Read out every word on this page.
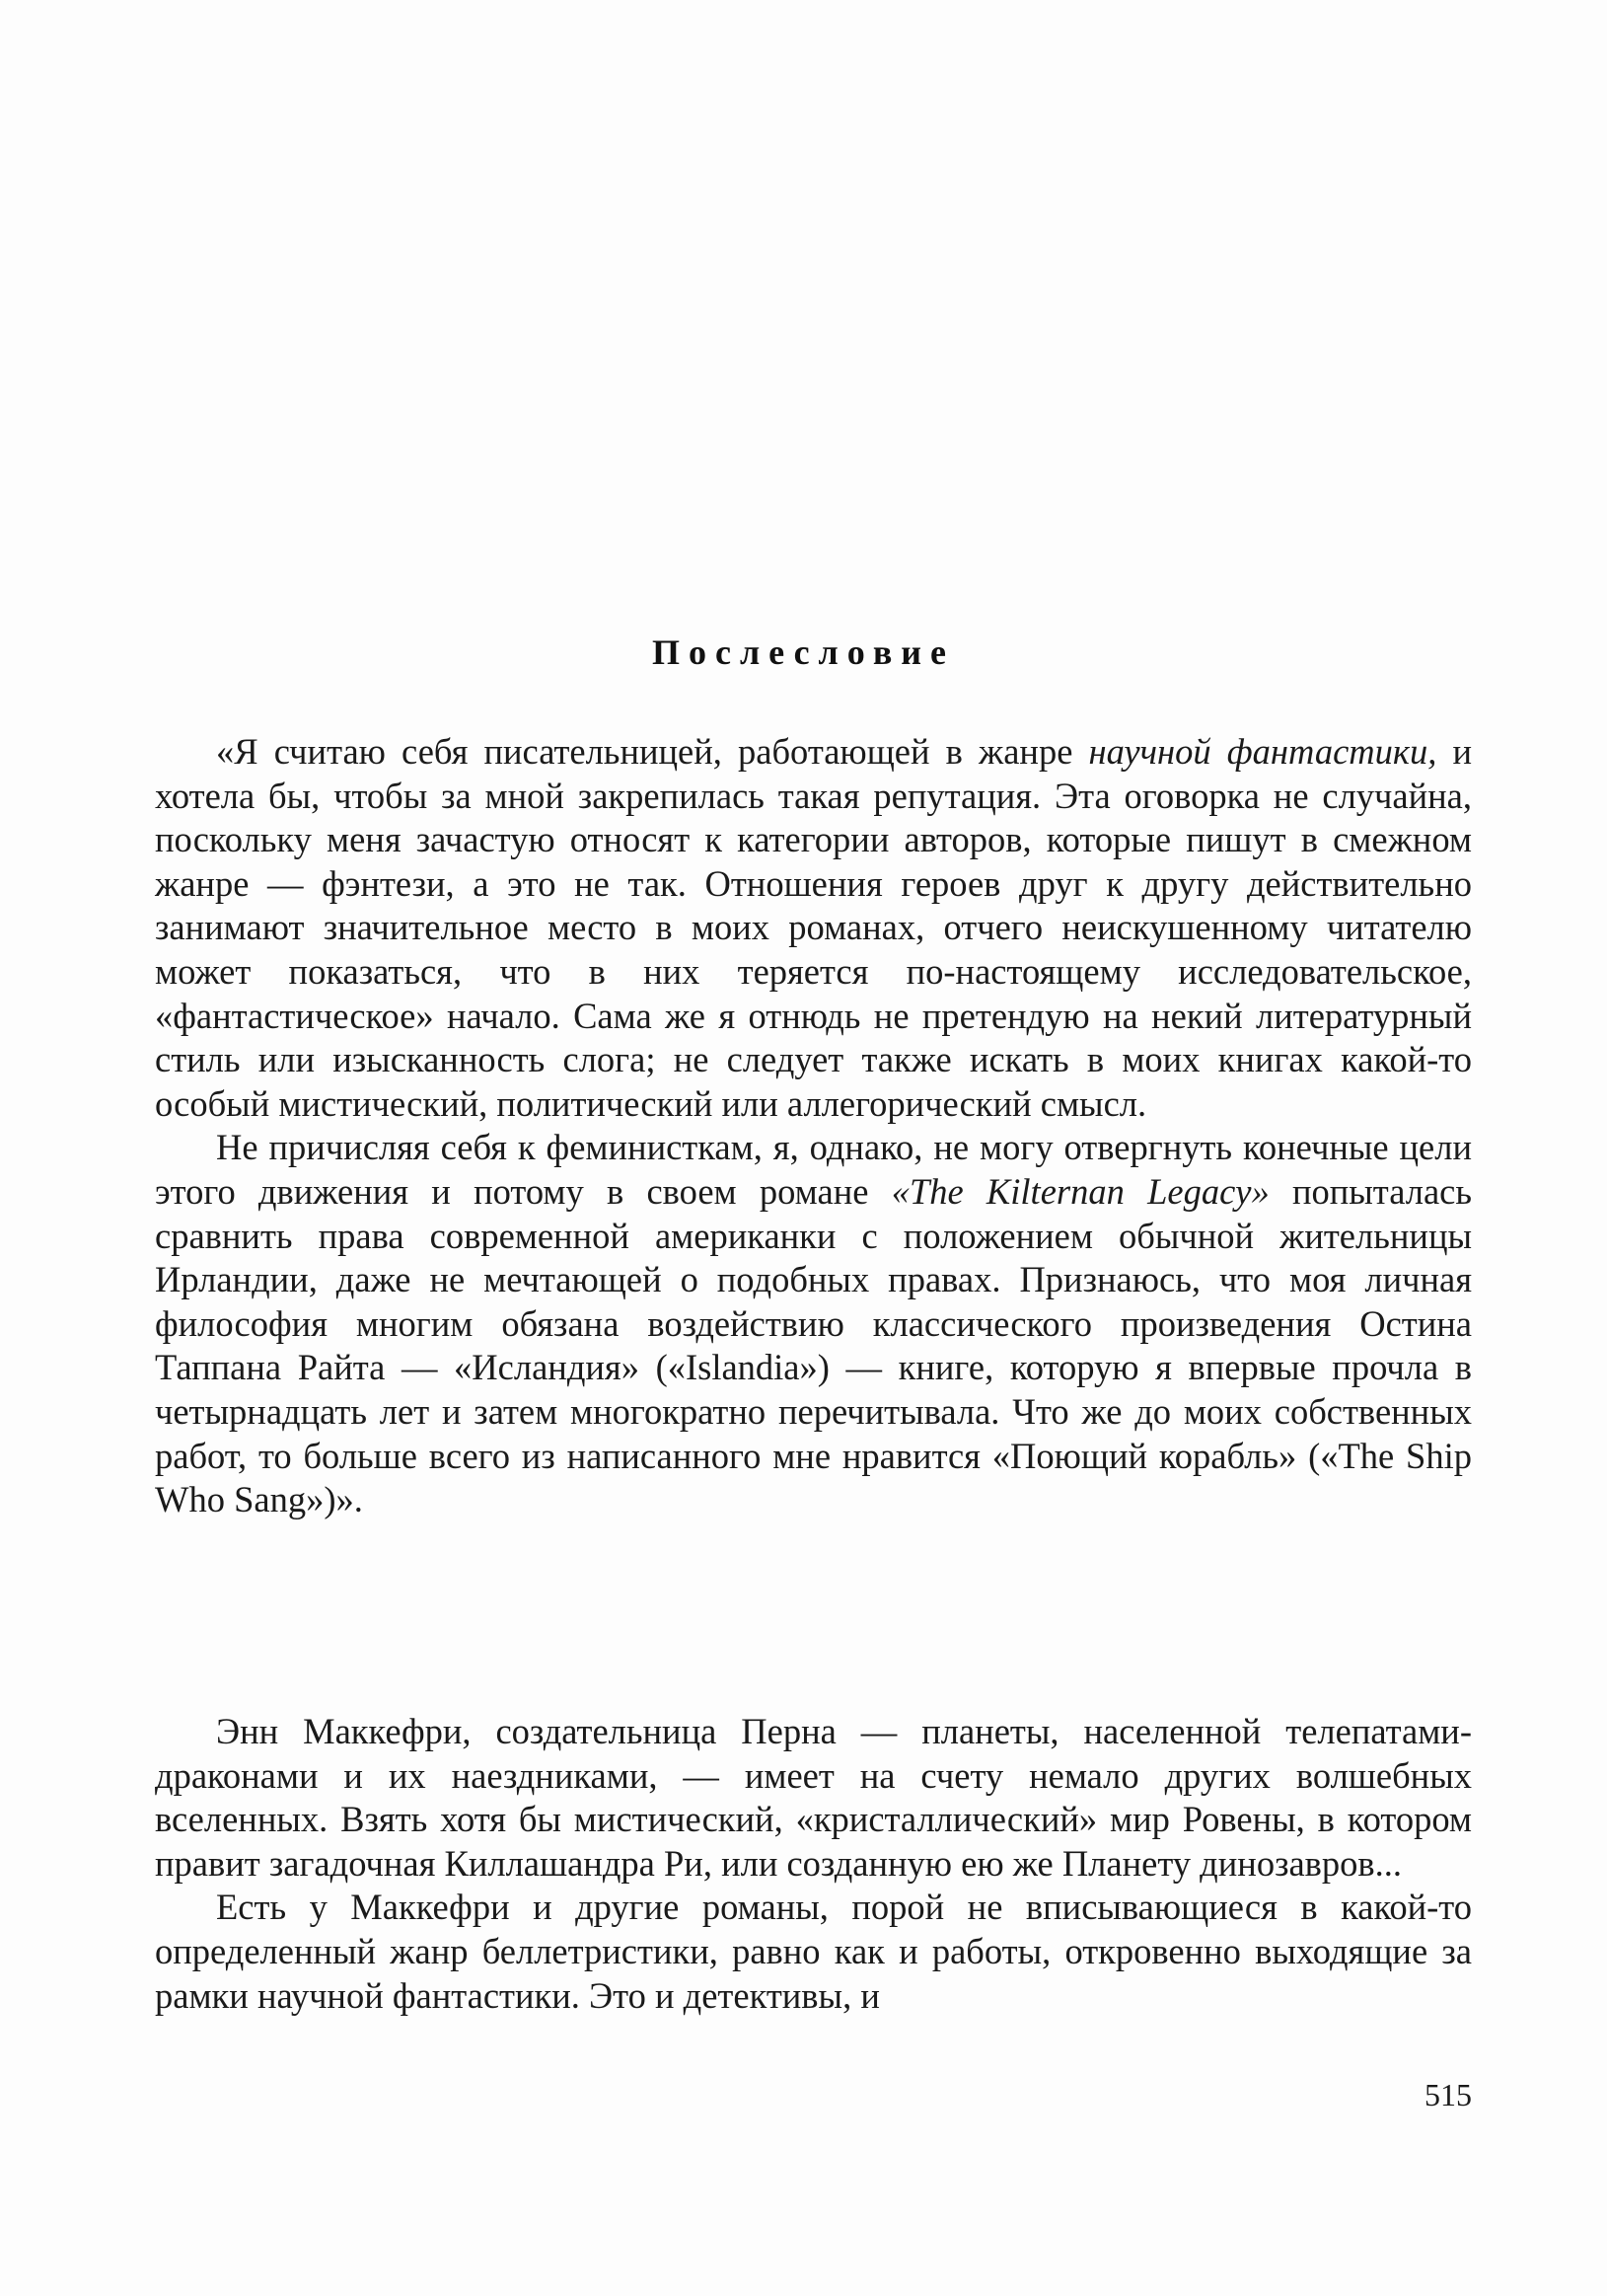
Послесловие

«Я считаю себя писательницей, работающей в жанре научной фантастики, и хотела бы, чтобы за мной закрепилась такая репутация. Эта оговорка не случайна, поскольку меня зачастую относят к категории авторов, которые пишут в смежном жанре — фэнтези, а это не так. Отношения героев друг к другу действительно занимают значительное место в моих романах, отчего неискушенному читателю может показаться, что в них теряется по-настоящему исследовательское, «фантастическое» начало. Сама же я отнюдь не претендую на некий литературный стиль или изысканность слога; не следует также искать в моих книгах какой-то особый мистический, политический или аллегорический смысл.

Не причисляя себя к феминисткам, я, однако, не могу отвергнуть конечные цели этого движения и потому в своем романе «The Kilternan Legacy» попыталась сравнить права современной американки с положением обычной жительницы Ирландии, даже не мечтающей о подобных правах. Признаюсь, что моя личная философия многим обязана воздействию классического произведения Остина Таппана Райта — «Исландия» («Islandia») — книге, которую я впервые прочла в четырнадцать лет и затем многократно перечитывала. Что же до моих собственных работ, то больше всего из написанного мне нравится «Поющий корабль» («The Ship Who Sang»)».

Энн Маккефри, создательница Перна — планеты, населенной телепатами-драконами и их наездниками, — имеет на счету немало других волшебных вселенных. Взять хотя бы мистический, «кристаллический» мир Ровены, в котором правит загадочная Киллашандра Ри, или созданную ею же Планету динозавров...

Есть у Маккефри и другие романы, порой не вписывающиеся в какой-то определенный жанр беллетристики, равно как и работы, откровенно выходящие за рамки научной фантастики. Это и детективы, и

515
